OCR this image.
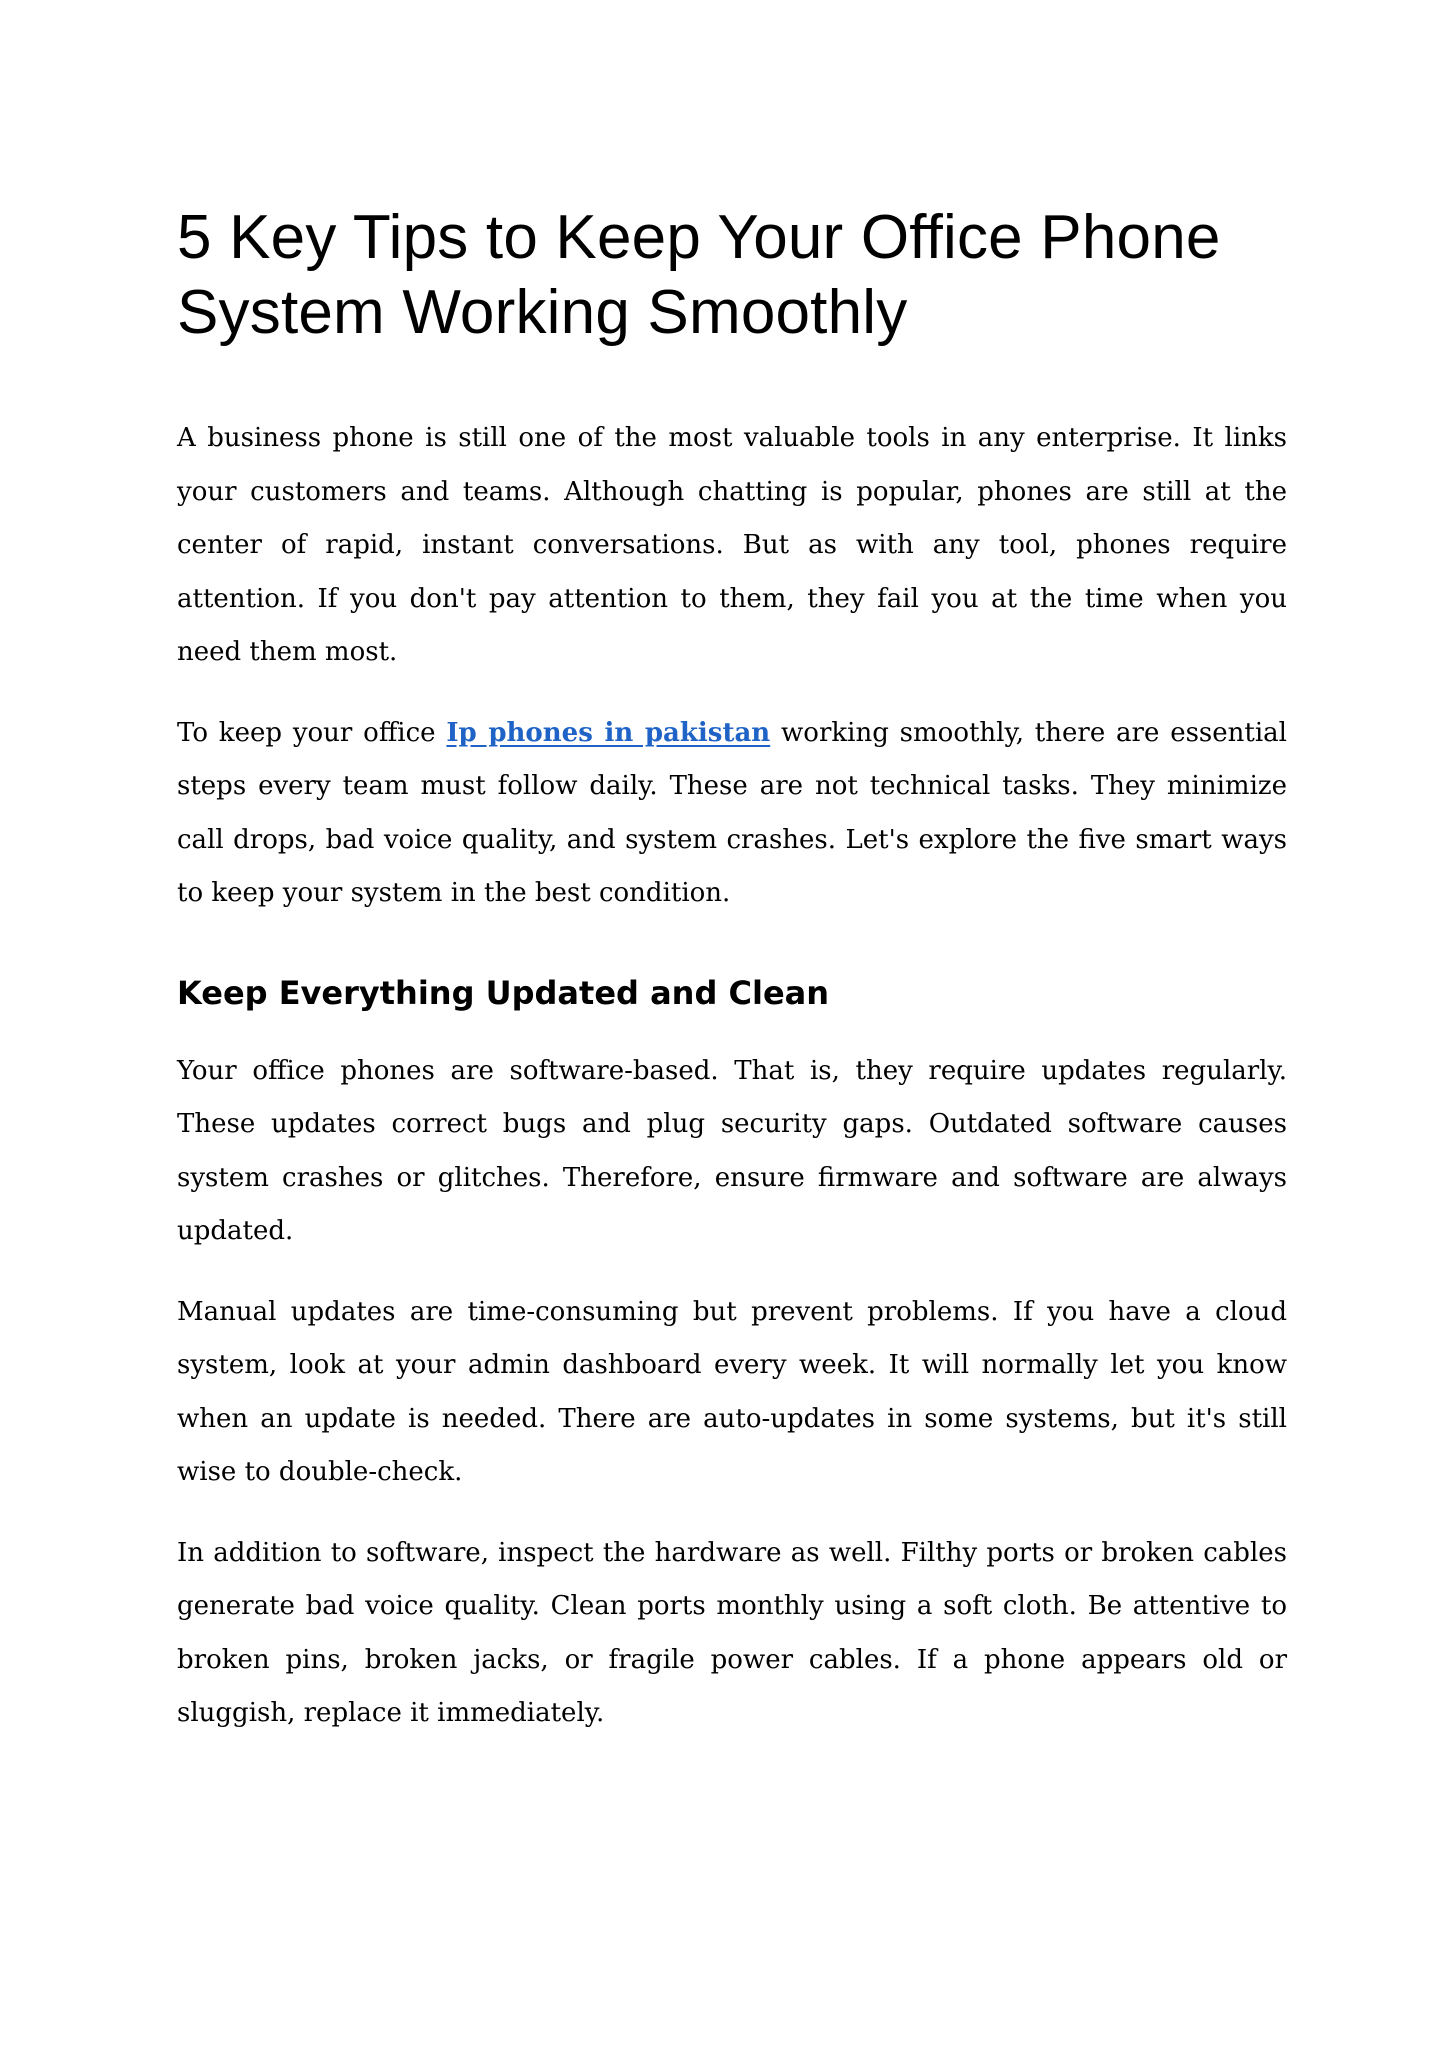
5 Key Tips to Keep Your Office Phone System Working Smoothly

A business phone is still one of the most valuable tools in any enterprise. It links your customers and teams. Although chatting is popular, phones are still at the center of rapid, instant conversations. But as with any tool, phones require attention. If you don't pay attention to them, they fail you at the time when you need them most.

To keep your office Ip phones in pakistan working smoothly, there are essential steps every team must follow daily. These are not technical tasks. They minimize call drops, bad voice quality, and system crashes. Let's explore the five smart ways to keep your system in the best condition.

Keep Everything Updated and Clean

Your office phones are software-based. That is, they require updates regularly. These updates correct bugs and plug security gaps. Outdated software causes system crashes or glitches. Therefore, ensure firmware and software are always updated.

Manual updates are time-consuming but prevent problems. If you have a cloud system, look at your admin dashboard every week. It will normally let you know when an update is needed. There are auto-updates in some systems, but it's still wise to double-check.

In addition to software, inspect the hardware as well. Filthy ports or broken cables generate bad voice quality. Clean ports monthly using a soft cloth. Be attentive to broken pins, broken jacks, or fragile power cables. If a phone appears old or sluggish, replace it immediately.
